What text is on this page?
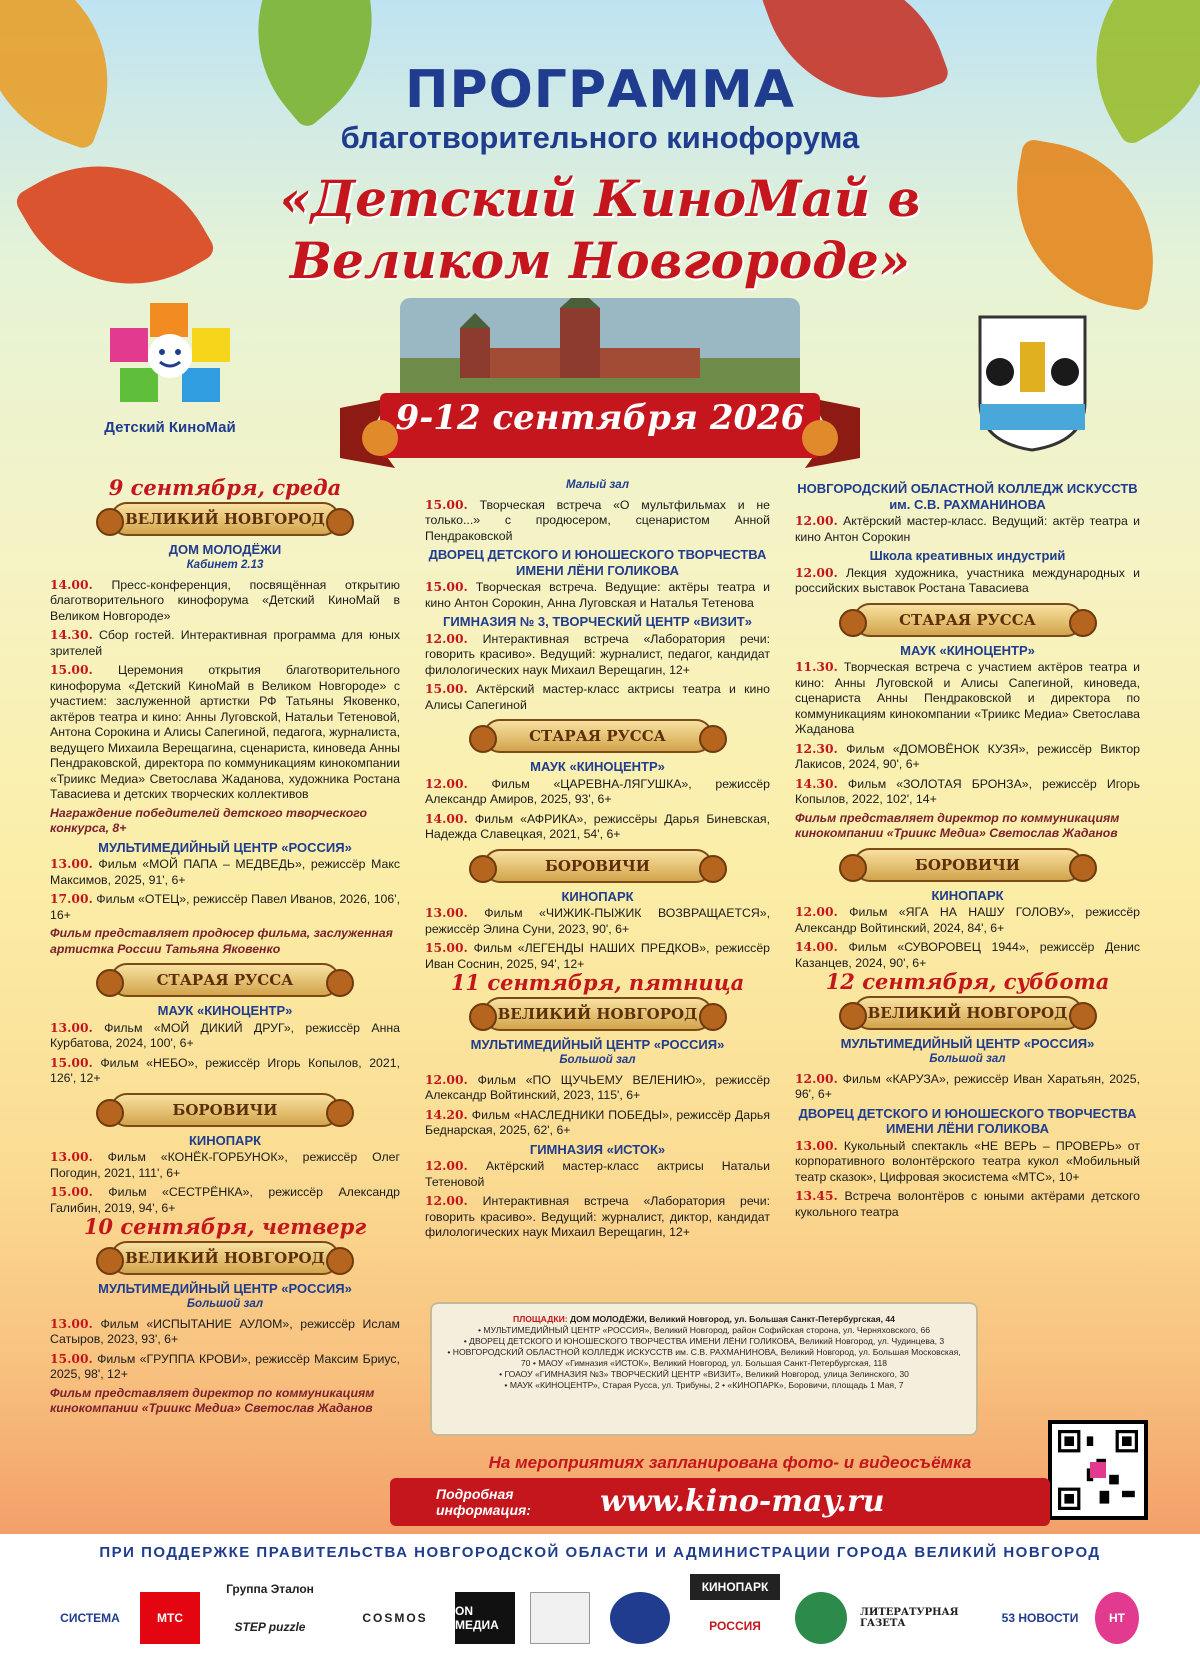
ПРОГРАММА
благотворительного кинофорума
«Детский КиноМай в Великом Новгороде»
9-12 сентября 2026
Детский КиноМай
9 сентября, среда
ВЕЛИКИЙ НОВГОРОД
ДОМ МОЛОДЁЖИ
Кабинет 2.13
14.00. Пресс-конференция, посвящённая открытию благотворительного кинофорума «Детский КиноМай в Великом Новгороде»
14.30. Сбор гостей. Интерактивная программа для юных зрителей
15.00. Церемония открытия благотворительного кинофорума «Детский КиноМай в Великом Новгороде» с участием: заслуженной артистки РФ Татьяны Яковенко, актёров театра и кино: Анны Луговской, Натальи Тетеновой, Антона Сорокина и Алисы Сапегиной, педагога, журналиста, ведущего Михаила Верещагина, сценариста, киноведа Анны Пендраковской, директора по коммуникациям кинокомпании «Триикс Медиа» Светослава Жаданова, художника Ростана Тавасиева и детских творческих коллективов
Награждение победителей детского творческого конкурса, 8+
МУЛЬТИМЕДИЙНЫЙ ЦЕНТР «РОССИЯ»
13.00. Фильм «МОЙ ПАПА – МЕДВЕДЬ», режиссёр Макс Максимов, 2025, 91', 6+
17.00. Фильм «ОТЕЦ», режиссёр Павел Иванов, 2026, 106', 16+
Фильм представляет продюсер фильма, заслуженная артистка России Татьяна Яковенко
СТАРАЯ РУССА
МАУК «КИНОЦЕНТР»
13.00. Фильм «МОЙ ДИКИЙ ДРУГ», режиссёр Анна Курбатова, 2024, 100', 6+
15.00. Фильм «НЕБО», режиссёр Игорь Копылов, 2021, 126', 12+
БОРОВИЧИ
КИНОПАРК
13.00. Фильм «КОНЁК-ГОРБУНОК», режиссёр Олег Погодин, 2021, 111', 6+
15.00. Фильм «СЕСТРЁНКА», режиссёр Александр Галибин, 2019, 94', 6+
10 сентября, четверг
ВЕЛИКИЙ НОВГОРОД
МУЛЬТИМЕДИЙНЫЙ ЦЕНТР «РОССИЯ»
Большой зал
13.00. Фильм «ИСПЫТАНИЕ АУЛОМ», режиссёр Ислам Сатыров, 2023, 93', 6+
15.00. Фильм «ГРУППА КРОВИ», режиссёр Максим Бриус, 2025, 98', 12+
Фильм представляет директор по коммуникациям кинокомпании «Триикс Медиа» Светослав Жаданов
Малый зал
15.00. Творческая встреча «О мультфильмах и не только...» с продюсером, сценаристом Анной Пендраковской
ДВОРЕЦ ДЕТСКОГО И ЮНОШЕСКОГО ТВОРЧЕСТВА ИМЕНИ ЛЁНИ ГОЛИКОВА
15.00. Творческая встреча. Ведущие: актёры театра и кино Антон Сорокин, Анна Луговская и Наталья Тетенова
ГИМНАЗИЯ № 3, ТВОРЧЕСКИЙ ЦЕНТР «ВИЗИТ»
12.00. Интерактивная встреча «Лаборатория речи: говорить красиво». Ведущий: журналист, педагог, кандидат филологических наук Михаил Верещагин, 12+
15.00. Актёрский мастер-класс актрисы театра и кино Алисы Сапегиной
СТАРАЯ РУССА
МАУК «КИНОЦЕНТР»
12.00. Фильм «ЦАРЕВНА-ЛЯГУШКА», режиссёр Александр Амиров, 2025, 93', 6+
14.00. Фильм «АФРИКА», режиссёры Дарья Биневская, Надежда Славецкая, 2021, 54', 6+
БОРОВИЧИ
КИНОПАРК
13.00. Фильм «ЧИЖИК-ПЫЖИК ВОЗВРАЩАЕТСЯ», режиссёр Элина Суни, 2023, 90', 6+
15.00. Фильм «ЛЕГЕНДЫ НАШИХ ПРЕДКОВ», режиссёр Иван Соснин, 2025, 94', 12+
11 сентября, пятница
ВЕЛИКИЙ НОВГОРОД
МУЛЬТИМЕДИЙНЫЙ ЦЕНТР «РОССИЯ»
Большой зал
12.00. Фильм «ПО ЩУЧЬЕМУ ВЕЛЕНИЮ», режиссёр Александр Войтинский, 2023, 115', 6+
14.20. Фильм «НАСЛЕДНИКИ ПОБЕДЫ», режиссёр Дарья Беднарская, 2025, 62', 6+
ГИМНАЗИЯ «ИСТОК»
12.00. Актёрский мастер-класс актрисы Натальи Тетеновой
12.00. Интерактивная встреча «Лаборатория речи: говорить красиво». Ведущий: журналист, диктор, кандидат филологических наук Михаил Верещагин, 12+
НОВГОРОДСКИЙ ОБЛАСТНОЙ КОЛЛЕДЖ ИСКУССТВ им. С.В. РАХМАНИНОВА
12.00. Актёрский мастер-класс. Ведущий: актёр театра и кино Антон Сорокин
Школа креативных индустрий
12.00. Лекция художника, участника международных и российских выставок Ростана Тавасиева
СТАРАЯ РУССА
МАУК «КИНОЦЕНТР»
11.30. Творческая встреча с участием актёров театра и кино: Анны Луговской и Алисы Сапегиной, киноведа, сценариста Анны Пендраковской и директора по коммуникациям кинокомпании «Триикс Медиа» Светослава Жаданова
12.30. Фильм «ДОМОВЁНОК КУЗЯ», режиссёр Виктор Лакисов, 2024, 90', 6+
14.30. Фильм «ЗОЛОТАЯ БРОНЗА», режиссёр Игорь Копылов, 2022, 102', 14+
Фильм представляет директор по коммуникациям кинокомпании «Триикс Медиа» Светослав Жаданов
БОРОВИЧИ
КИНОПАРК
12.00. Фильм «ЯГА НА НАШУ ГОЛОВУ», режиссёр Александр Войтинский, 2024, 84', 6+
14.00. Фильм «СУВОРОВЕЦ 1944», режиссёр Денис Казанцев, 2024, 90', 6+
12 сентября, суббота
ВЕЛИКИЙ НОВГОРОД
МУЛЬТИМЕДИЙНЫЙ ЦЕНТР «РОССИЯ»
Большой зал
12.00. Фильм «КАРУЗА», режиссёр Иван Харатьян, 2025, 96', 6+
ДВОРЕЦ ДЕТСКОГО И ЮНОШЕСКОГО ТВОРЧЕСТВА ИМЕНИ ЛЁНИ ГОЛИКОВА
13.00. Кукольный спектакль «НЕ ВЕРЬ – ПРОВЕРЬ» от корпоративного волонтёрского театра кукол «Мобильный театр сказок», Цифровая экосистема «МТС», 10+
13.45. Встреча волонтёров с юными актёрами детского кукольного театра
ПЛОЩАДКИ: ДОМ МОЛОДЁЖИ, Великий Новгород, ул. Большая Санкт-Петербургская, 44
• МУЛЬТИМЕДИЙНЫЙ ЦЕНТР «РОССИЯ», Великий Новгород, район Софийская сторона, ул. Черняховского, 66
• ДВОРЕЦ ДЕТСКОГО И ЮНОШЕСКОГО ТВОРЧЕСТВА ИМЕНИ ЛЁНИ ГОЛИКОВА, Великий Новгород, ул. Чудинцева, 3
• НОВГОРОДСКИЙ ОБЛАСТНОЙ КОЛЛЕДЖ ИСКУССТВ им. С.В. РАХМАНИНОВА, Великий Новгород, ул. Большая Московская, 70 • МАОУ «Гимназия «ИСТОК», Великий Новгород, ул. Большая Санкт-Петербургская, 118
• ГОАОУ «ГИМНАЗИЯ №3» ТВОРЧЕСКИЙ ЦЕНТР «ВИЗИТ», Великий Новгород, улица Зелинского, 30
• МАУК «КИНОЦЕНТР», Старая Русса, ул. Трибуны, 2 • «КИНОПАРК», Боровичи, площадь 1 Мая, 7
На мероприятиях запланирована фото- и видеосъёмка
Подробная информация:	www.kino-may.ru
ПРИ ПОДДЕРЖКЕ ПРАВИТЕЛЬСТВА НОВГОРОДСКОЙ ОБЛАСТИ И АДМИНИСТРАЦИИ ГОРОДА ВЕЛИКИЙ НОВГОРОД
СИСТЕМА	МТС
Группа Эталон
STEP puzzle
COSMOS	ON МЕДИА
КИНОПАРК
РОССИЯ
ЛИТЕРАТУРНАЯ ГАЗЕТА	53 НОВОСТИ	НТ
